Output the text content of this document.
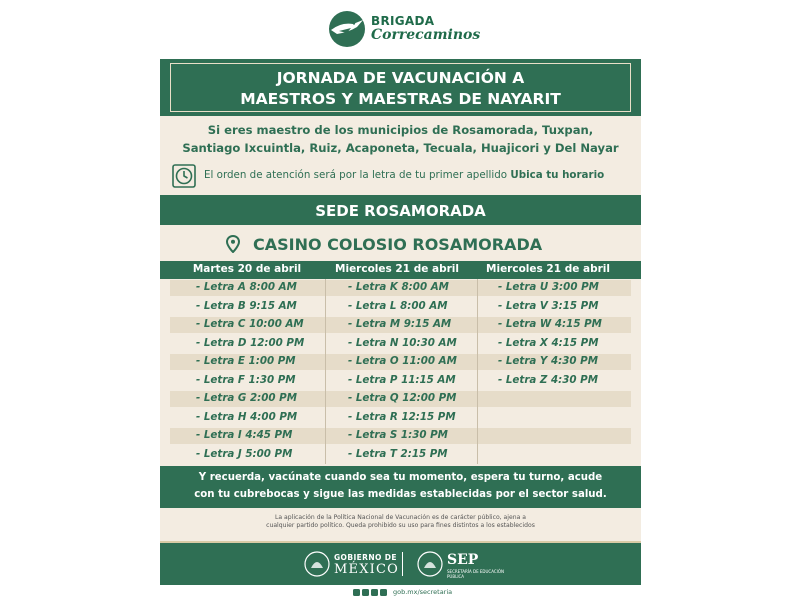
BRIGADA
Correcaminos
JORNADA DE VACUNACIÓN A
MAESTROS Y MAESTRAS DE NAYARIT
Si eres maestro de los municipios de Rosamorada, Tuxpan,
Santiago Ixcuintla, Ruiz, Acaponeta, Tecuala, Huajicori y Del Nayar
El orden de atención será por la letra de tu primer apellido Ubica tu horario
SEDE ROSAMORADA
CASINO COLOSIO ROSAMORADA
Martes 20 de abril	Miercoles 21 de abril	Miercoles 21 de abril
- Letra A 8:00 AM
- Letra B 9:15 AM
- Letra C 10:00 AM
- Letra D 12:00 PM
- Letra E 1:00 PM
- Letra F 1:30 PM
- Letra G 2:00 PM
- Letra H 4:00 PM
- Letra I 4:45 PM
- Letra J 5:00 PM
- Letra K 8:00 AM
- Letra L 8:00 AM
- Letra M 9:15 AM
- Letra N 10:30 AM
- Letra O 11:00 AM
- Letra P 11:15 AM
- Letra Q 12:00 PM
- Letra R 12:15 PM
- Letra S 1:30 PM
- Letra T 2:15 PM
- Letra U 3:00 PM
- Letra V 3:15 PM
- Letra W 4:15 PM
- Letra X 4:15 PM
- Letra Y 4:30 PM
- Letra Z 4:30 PM
Y recuerda, vacúnate cuando sea tu momento, espera tu turno, acude
con tu cubrebocas y sigue las medidas establecidas por el sector salud.
La aplicación de la Política Nacional de Vacunación es de carácter público, ajena a
cualquier partido político. Queda prohibido su uso para fines distintos a los establecidos
GOBIERNO DE
MÉXICO
SEP
SECRETARÍA DE EDUCACIÓN PÚBLICA
gob.mx/secretaria
